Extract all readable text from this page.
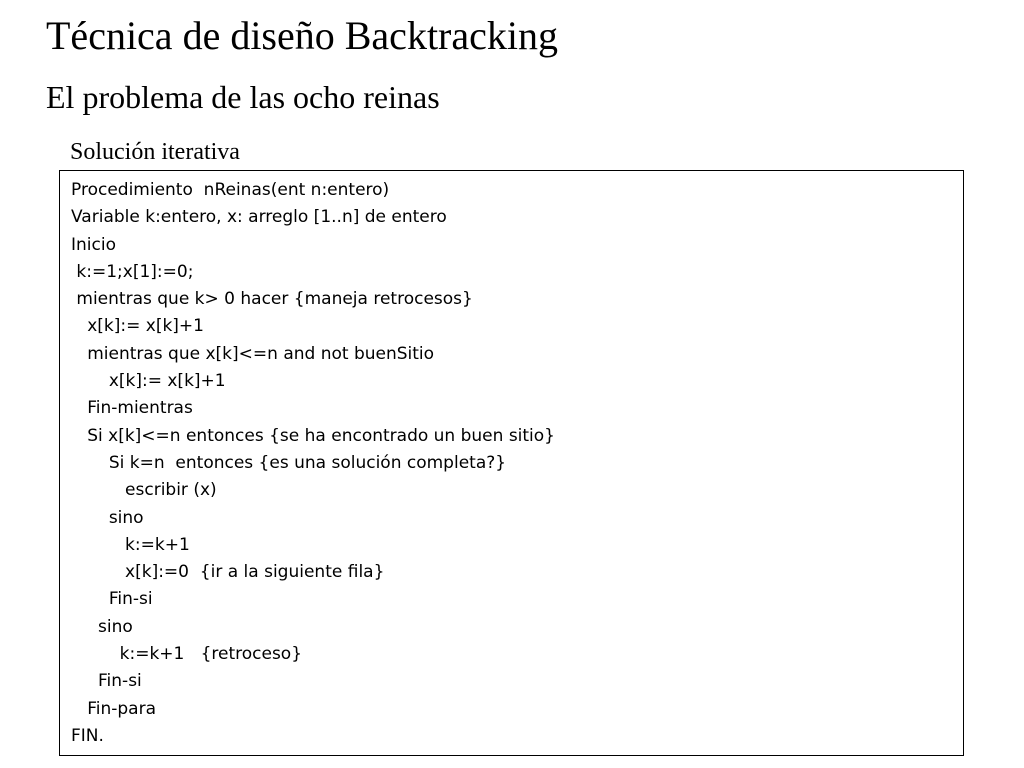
Técnica de diseño Backtracking
El problema de las ocho reinas
Solución iterativa
Procedimiento  nReinas(ent n:entero)
Variable k:entero, x: arreglo [1..n] de entero
Inicio
k:=1;x[1]:=0;
mientras que k> 0 hacer {maneja retrocesos}
x[k]:= x[k]+1
mientras que x[k]<=n and not buenSitio
x[k]:= x[k]+1
Fin-mientras
Si x[k]<=n entonces {se ha encontrado un buen sitio}
Si k=n  entonces {es una solución completa?}
escribir (x)
sino
k:=k+1
x[k]:=0  {ir a la siguiente fila}
Fin-si
sino
k:=k+1   {retroceso}
Fin-si
Fin-para
FIN.
